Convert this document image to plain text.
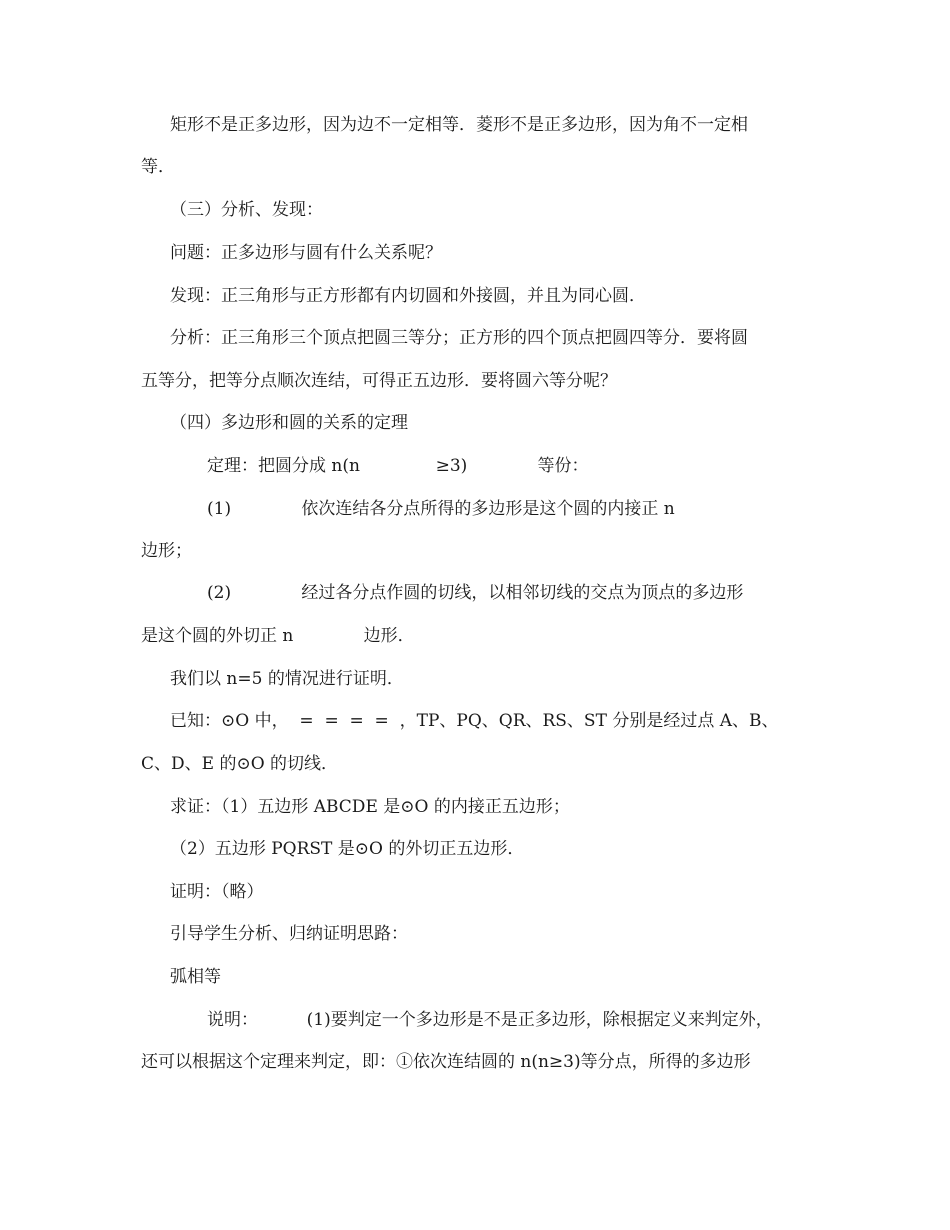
矩形不是正多边形，因为边不一定相等．菱形不是正多边形，因为角不一定相
等．
（三）分析、发现：
问题：正多边形与圆有什么关系呢？
发现：正三角形与正方形都有内切圆和外接圆，并且为同心圆．
分析：正三角形三个顶点把圆三等分；正方形的四个顶点把圆四等分．要将圆
五等分，把等分点顺次连结，可得正五边形．要将圆六等分呢？
（四）多边形和圆的关系的定理
定理：把圆分成 n(n              ≥3)             等份：
(1)             依次连结各分点所得的多边形是这个圆的内接正 n
边形；
(2)             经过各分点作圆的切线，以相邻切线的交点为顶点的多边形
是这个圆的外切正 n             边形．
我们以 n=5 的情况进行证明．
已知：⊙O 中，  =  =  =  =  ，TP、PQ、QR、RS、ST 分别是经过点 A、B、
C、D、E 的⊙O 的切线．
求证：（1）五边形 ABCDE 是⊙O 的内接正五边形；
（2）五边形 PQRST 是⊙O 的外切正五边形．
证明：（略）
引导学生分析、归纳证明思路：
弧相等
说明：         (1)要判定一个多边形是不是正多边形，除根据定义来判定外，
还可以根据这个定理来判定，即：①依次连结圆的 n(n≥3)等分点，所得的多边形
